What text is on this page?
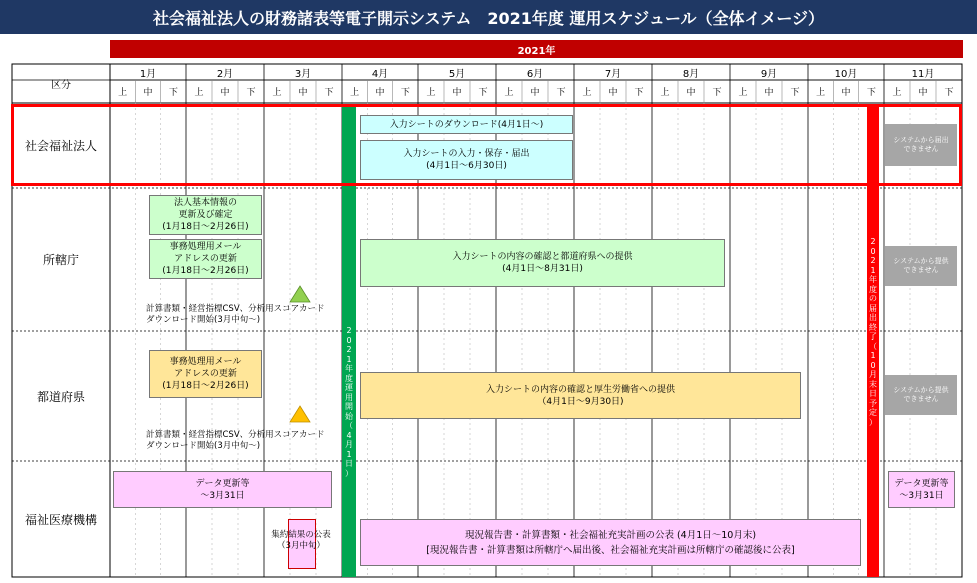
社会福祉法人の財務諸表等電子開示システム　2021年度 運用スケジュール（全体イメージ）
2021年
区分
1月
上	中	下
2月
上	中	下
3月
上	中	下
4月
上	中	下
5月
上	中	下
6月
上	中	下
7月
上	中	下
8月
上	中	下
9月
上	中	下
10月
上	中	下
11月
上	中	下
社会福祉法人
所轄庁
都道府県
福祉医療機構
2
0
2
1
年
度
運
用
開
始
（
4
月
1
日
）
2
0
2
1
年
度
の
届
出
終
了
（
1
0
月
末
日
予
定
）
入力シートのダウンロード(4月1日～)
入力シートの入力・保存・届出
(4月1日～6月30日)
システムから届出
できません
法人基本情報の
更新及び確定
(1月18日～2月26日)
事務処理用メール
アドレスの更新
(1月18日～2月26日)
計算書類・経営指標CSV、分析用スコアカード
ダウンロード開始(3月中旬～)
入力シートの内容の確認と都道府県への提供
(4月1日～8月31日)
システムから提供
できません
事務処理用メール
アドレスの更新
(1月18日～2月26日)
計算書類・経営指標CSV、分析用スコアカード
ダウンロード開始(3月中旬～)
入力シートの内容の確認と厚生労働省への提供
（4月1日～9月30日)
システムから提供
できません
データ更新等
～3月31日
データ更新等
～3月31日
集約結果の公表
（3月中旬）
現況報告書・計算書類・社会福祉充実計画の公表 (4月1日～10月末)
[現況報告書・計算書類は所轄庁へ届出後、社会福祉充実計画は所轄庁の確認後に公表]
